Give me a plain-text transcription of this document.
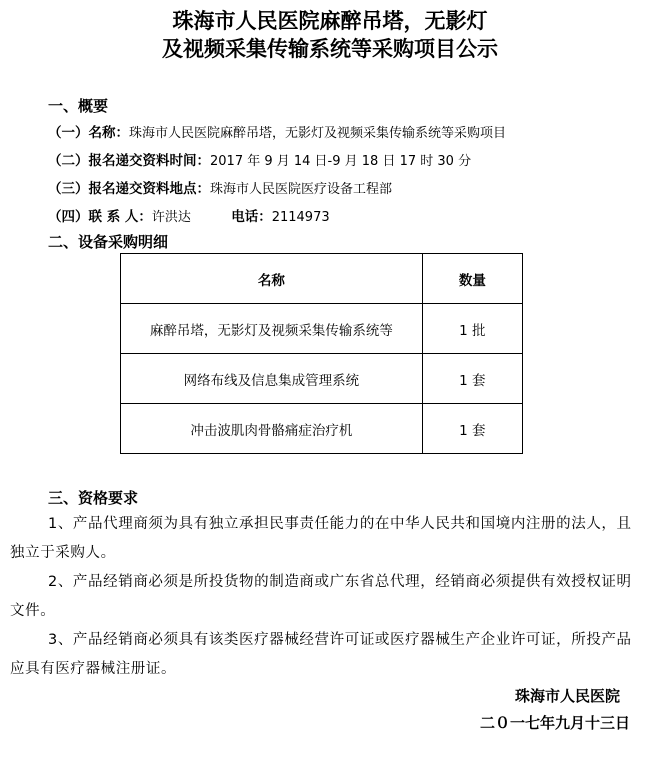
珠海市人民医院麻醉吊塔，无影灯
及视频采集传输系统等采购项目公示
一、概要
（一）名称：珠海市人民医院麻醉吊塔，无影灯及视频采集传输系统等采购项目
（二）报名递交资料时间：2017 年 9 月 14 日-9 月 18 日 17 时 30 分
（三）报名递交资料地点：珠海市人民医院医疗设备工程部
（四）联 系 人：许洪达	电话：2114973
二、设备采购明细
名称	数量
麻醉吊塔，无影灯及视频采集传输系统等	1 批
网络布线及信息集成管理系统	1 套
冲击波肌肉骨骼痛症治疗机	1 套
三、资格要求
1、产品代理商须为具有独立承担民事责任能力的在中华人民共和国境内注册的法人，且独立于采购人。
2、产品经销商必须是所投货物的制造商或广东省总代理，经销商必须提供有效授权证明文件。
3、产品经销商必须具有该类医疗器械经营许可证或医疗器械生产企业许可证，所投产品应具有医疗器械注册证。
珠海市人民医院
二０一七年九月十三日
